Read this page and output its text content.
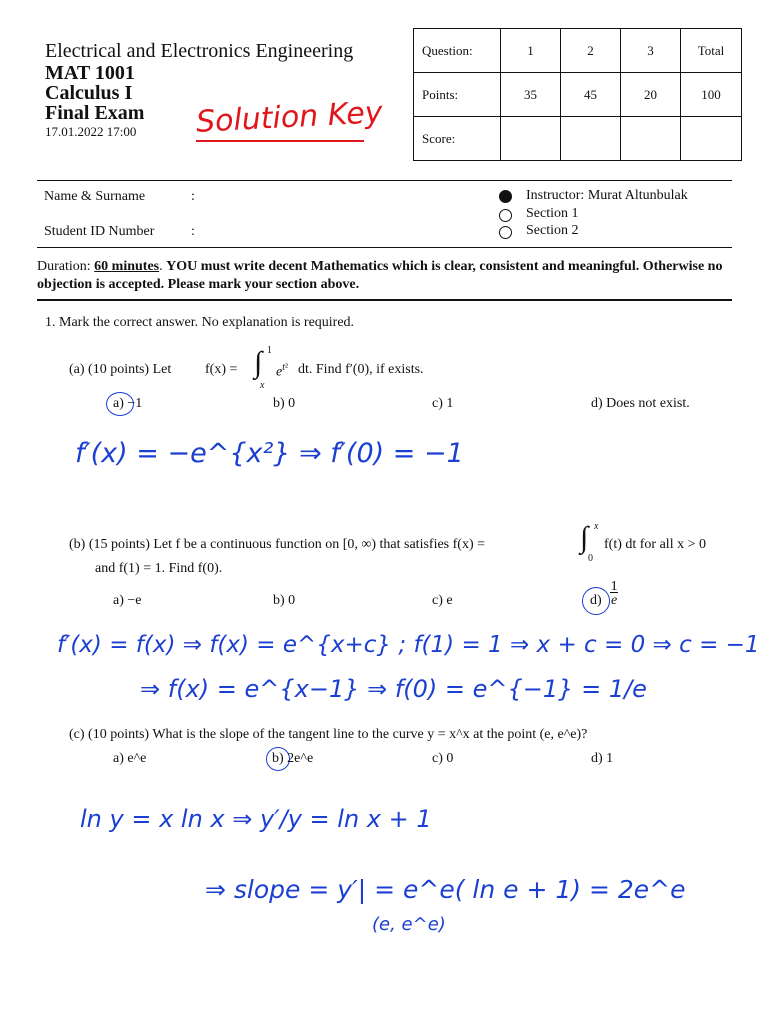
Electrical and Electronics Engineering
MAT 1001
Calculus I
Final Exam
17.01.2022 17:00 Solution Key
Question:	1	2	3	Total
Points:	35	45	20	100
Score:				
Name & Surname	:
Student ID Number	:
Instructor: Murat Altunbulak
Section 1
Section 2
Duration: 60 minutes. YOU must write decent Mathematics which is clear, consistent and meaningful. Otherwise no objection is accepted. Please mark your section above.
1. Mark the correct answer. No explanation is required.
(a) (10 points) Let f(x) = ∫ 1
x
$e^{t^2}$ dt. Find f′(0), if exists.
a) −1	b) 0	c) 1	d) Does not exist.
f′(x) = −e^{x²} ⇒ f′(0) = −1
(b) (15 points) Let f be a continuous function on [0, ∞) that satisfies f(x) =	∫ x
0
f(t) dt for all x > 0
and f(1) = 1. Find f(0).
a) −e	b) 0	c) e	d)
1
e
f′(x) = f(x) ⇒ f(x) = e^{x+c} ; f(1) = 1 ⇒ x + c = 0 ⇒ c = −1
⇒ f(x) = e^{x−1} ⇒ f(0) = e^{−1} = 1/e
(c) (10 points) What is the slope of the tangent line to the curve y = x^x at the point (e, e^e)?
a) e^e	b) 2e^e	c) 0	d) 1
ln y = x ln x ⇒ y′/y = ln x + 1
⇒ slope = y′| = e^e( ln e + 1) = 2e^e
(e, e^e)
